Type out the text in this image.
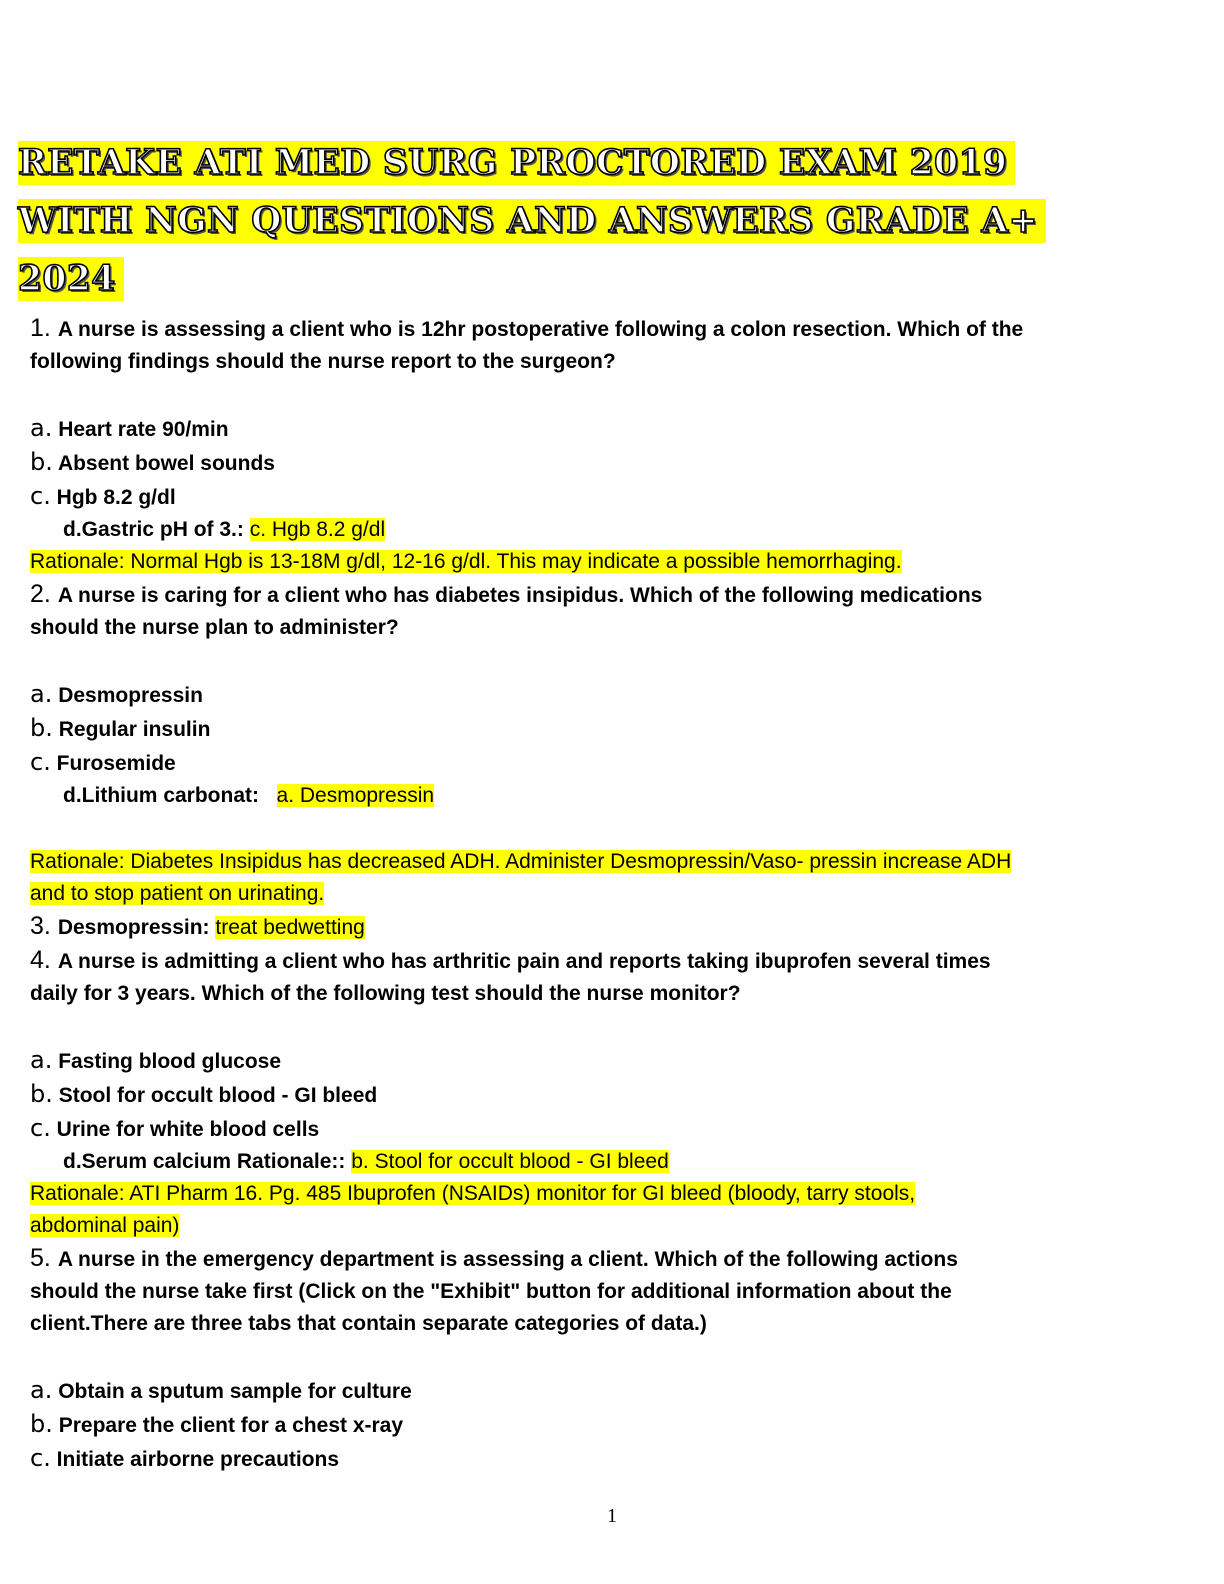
RETAKE ATI MED SURG PROCTORED EXAM 2019
WITH NGN QUESTIONS AND ANSWERS GRADE A+
2024
1. A nurse is assessing a client who is 12hr postoperative following a colon resection. Which of the
following findings should the nurse report to the surgeon?
a. Heart rate 90/min
b. Absent bowel sounds
c. Hgb 8.2 g/dl
d.Gastric pH of 3.: c. Hgb 8.2 g/dl
Rationale: Normal Hgb is 13-18M g/dl, 12-16 g/dl. This may indicate a possible hemorrhaging.
2. A nurse is caring for a client who has diabetes insipidus. Which of the following medications
should the nurse plan to administer?
a. Desmopressin
b. Regular insulin
c. Furosemide
d.Lithium carbonat: a. Desmopressin
Rationale: Diabetes Insipidus has decreased ADH. Administer Desmopressin/Vaso- pressin increase ADH
and to stop patient on urinating.
3. Desmopressin: treat bedwetting
4. A nurse is admitting a client who has arthritic pain and reports taking ibuprofen several times
daily for 3 years. Which of the following test should the nurse monitor?
a. Fasting blood glucose
b. Stool for occult blood - GI bleed
c. Urine for white blood cells
d.Serum calcium Rationale:: b. Stool for occult blood - GI bleed
Rationale: ATI Pharm 16. Pg. 485 Ibuprofen (NSAIDs) monitor for GI bleed (bloody, tarry stools,
abdominal pain)
5. A nurse in the emergency department is assessing a client. Which of the following actions
should the nurse take first (Click on the "Exhibit" button for additional information about the
client.There are three tabs that contain separate categories of data.)
a. Obtain a sputum sample for culture
b. Prepare the client for a chest x-ray
c. Initiate airborne precautions
1
